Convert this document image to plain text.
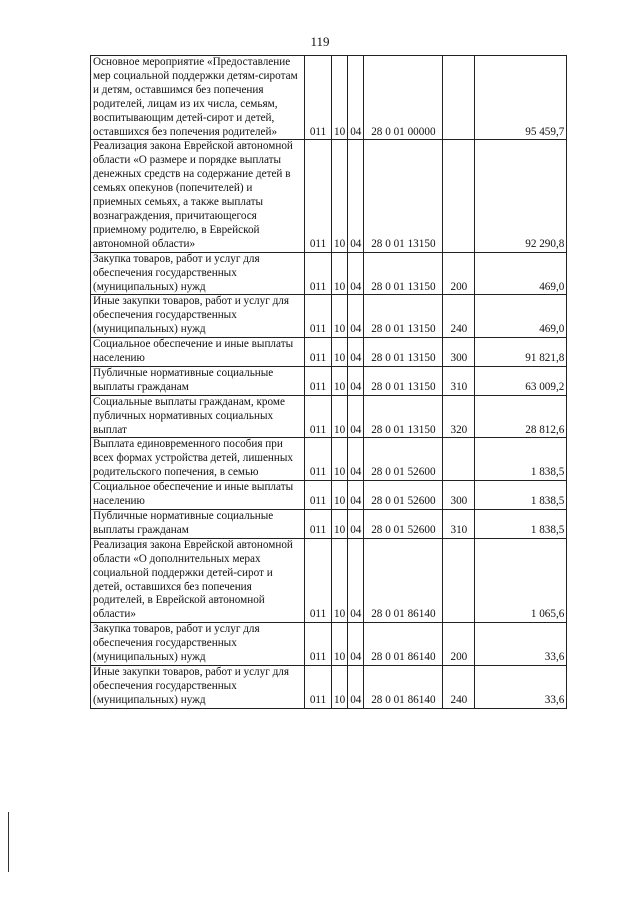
119
Основное мероприятие «Предоставление мер социальной поддержки детям-сиротам и детям, оставшимся без попечения родителей, лицам из их числа, семьям, воспитывающим детей-сирот и детей, оставшихся без попечения родителей»	011	10	04	28 0 01 00000		95 459,7
Реализация закона Еврейской автономной области «О размере и порядке выплаты денежных средств на содержание детей в семьях опекунов (попечителей) и приемных семьях, а также выплаты вознаграждения, причитающегося приемному родителю, в Еврейской автономной области»	011	10	04	28 0 01 13150		92 290,8
Закупка товаров, работ и услуг для обеспечения государственных (муниципальных) нужд	011	10	04	28 0 01 13150	200	469,0
Иные закупки товаров, работ и услуг для обеспечения государственных (муниципальных) нужд	011	10	04	28 0 01 13150	240	469,0
Социальное обеспечение и иные выплаты населению	011	10	04	28 0 01 13150	300	91 821,8
Публичные нормативные социальные выплаты гражданам	011	10	04	28 0 01 13150	310	63 009,2
Социальные выплаты гражданам, кроме публичных нормативных социальных выплат	011	10	04	28 0 01 13150	320	28 812,6
Выплата единовременного пособия при всех формах устройства детей, лишенных родительского попечения, в семью	011	10	04	28 0 01 52600		1 838,5
Социальное обеспечение и иные выплаты населению	011	10	04	28 0 01 52600	300	1 838,5
Публичные нормативные социальные выплаты гражданам	011	10	04	28 0 01 52600	310	1 838,5
Реализация закона Еврейской автономной области «О дополнительных мерах социальной поддержки детей-сирот и детей, оставшихся без попечения родителей, в Еврейской автономной области»	011	10	04	28 0 01 86140		1 065,6
Закупка товаров, работ и услуг для обеспечения государственных (муниципальных) нужд	011	10	04	28 0 01 86140	200	33,6
Иные закупки товаров, работ и услуг для обеспечения государственных (муниципальных) нужд	011	10	04	28 0 01 86140	240	33,6
